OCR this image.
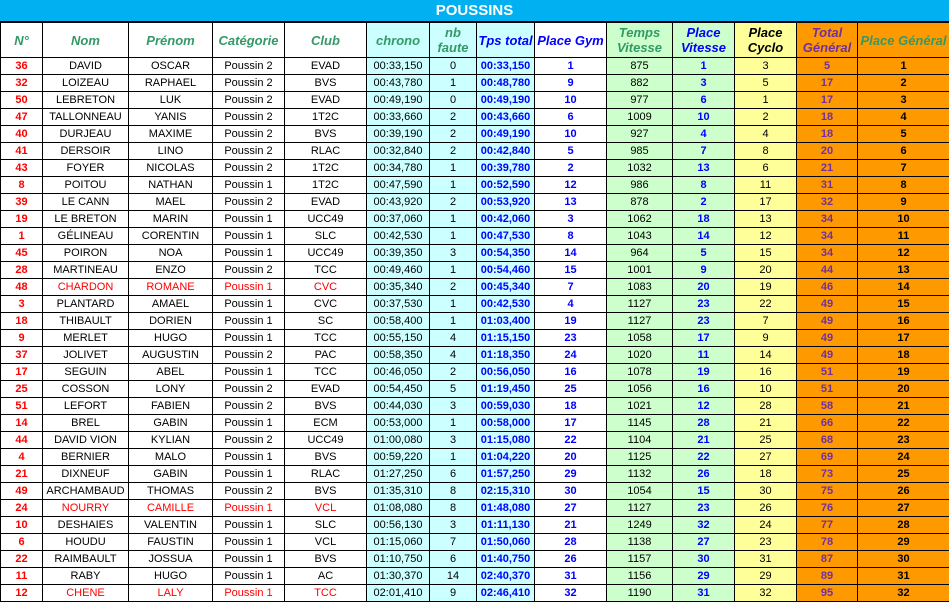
POUSSINS
N°	Nom	Prénom	Catégorie	Club	chrono	nb faute	Tps total	Place Gym	Temps Vitesse	Place Vitesse	Place Cyclo	Total Général	Place Général
36	DAVID	OSCAR	Poussin 2	EVAD	00:33,150	0	00:33,150	1	875	1	3	5	1
32	LOIZEAU	RAPHAEL	Poussin 2	BVS	00:43,780	1	00:48,780	9	882	3	5	17	2
50	LEBRETON	LUK	Poussin 2	EVAD	00:49,190	0	00:49,190	10	977	6	1	17	3
47	TALLONNEAU	YANIS	Poussin 2	1T2C	00:33,660	2	00:43,660	6	1009	10	2	18	4
40	DURJEAU	MAXIME	Poussin 2	BVS	00:39,190	2	00:49,190	10	927	4	4	18	5
41	DERSOIR	LINO	Poussin 2	RLAC	00:32,840	2	00:42,840	5	985	7	8	20	6
43	FOYER	NICOLAS	Poussin 2	1T2C	00:34,780	1	00:39,780	2	1032	13	6	21	7
8	POITOU	NATHAN	Poussin 1	1T2C	00:47,590	1	00:52,590	12	986	8	11	31	8
39	LE CANN	MAEL	Poussin 2	EVAD	00:43,920	2	00:53,920	13	878	2	17	32	9
19	LE BRETON	MARIN	Poussin 1	UCC49	00:37,060	1	00:42,060	3	1062	18	13	34	10
1	GÉLINEAU	CORENTIN	Poussin 1	SLC	00:42,530	1	00:47,530	8	1043	14	12	34	11
45	POIRON	NOA	Poussin 1	UCC49	00:39,350	3	00:54,350	14	964	5	15	34	12
28	MARTINEAU	ENZO	Poussin 2	TCC	00:49,460	1	00:54,460	15	1001	9	20	44	13
48	CHARDON	ROMANE	Poussin 1	CVC	00:35,340	2	00:45,340	7	1083	20	19	46	14
3	PLANTARD	AMAEL	Poussin 1	CVC	00:37,530	1	00:42,530	4	1127	23	22	49	15
18	THIBAULT	DORIEN	Poussin 1	SC	00:58,400	1	01:03,400	19	1127	23	7	49	16
9	MERLET	HUGO	Poussin 1	TCC	00:55,150	4	01:15,150	23	1058	17	9	49	17
37	JOLIVET	AUGUSTIN	Poussin 2	PAC	00:58,350	4	01:18,350	24	1020	11	14	49	18
17	SEGUIN	ABEL	Poussin 1	TCC	00:46,050	2	00:56,050	16	1078	19	16	51	19
25	COSSON	LONY	Poussin 2	EVAD	00:54,450	5	01:19,450	25	1056	16	10	51	20
51	LEFORT	FABIEN	Poussin 2	BVS	00:44,030	3	00:59,030	18	1021	12	28	58	21
14	BREL	GABIN	Poussin 1	ECM	00:53,000	1	00:58,000	17	1145	28	21	66	22
44	DAVID VION	KYLIAN	Poussin 2	UCC49	01:00,080	3	01:15,080	22	1104	21	25	68	23
4	BERNIER	MALO	Poussin 1	BVS	00:59,220	1	01:04,220	20	1125	22	27	69	24
21	DIXNEUF	GABIN	Poussin 1	RLAC	01:27,250	6	01:57,250	29	1132	26	18	73	25
49	ARCHAMBAUD	THOMAS	Poussin 2	BVS	01:35,310	8	02:15,310	30	1054	15	30	75	26
24	NOURRY	CAMILLE	Poussin 1	VCL	01:08,080	8	01:48,080	27	1127	23	26	76	27
10	DESHAIES	VALENTIN	Poussin 1	SLC	00:56,130	3	01:11,130	21	1249	32	24	77	28
6	HOUDU	FAUSTIN	Poussin 1	VCL	01:15,060	7	01:50,060	28	1138	27	23	78	29
22	RAIMBAULT	JOSSUA	Poussin 1	BVS	01:10,750	6	01:40,750	26	1157	30	31	87	30
11	RABY	HUGO	Poussin 1	AC	01:30,370	14	02:40,370	31	1156	29	29	89	31
12	CHENE	LALY	Poussin 1	TCC	02:01,410	9	02:46,410	32	1190	31	32	95	32
